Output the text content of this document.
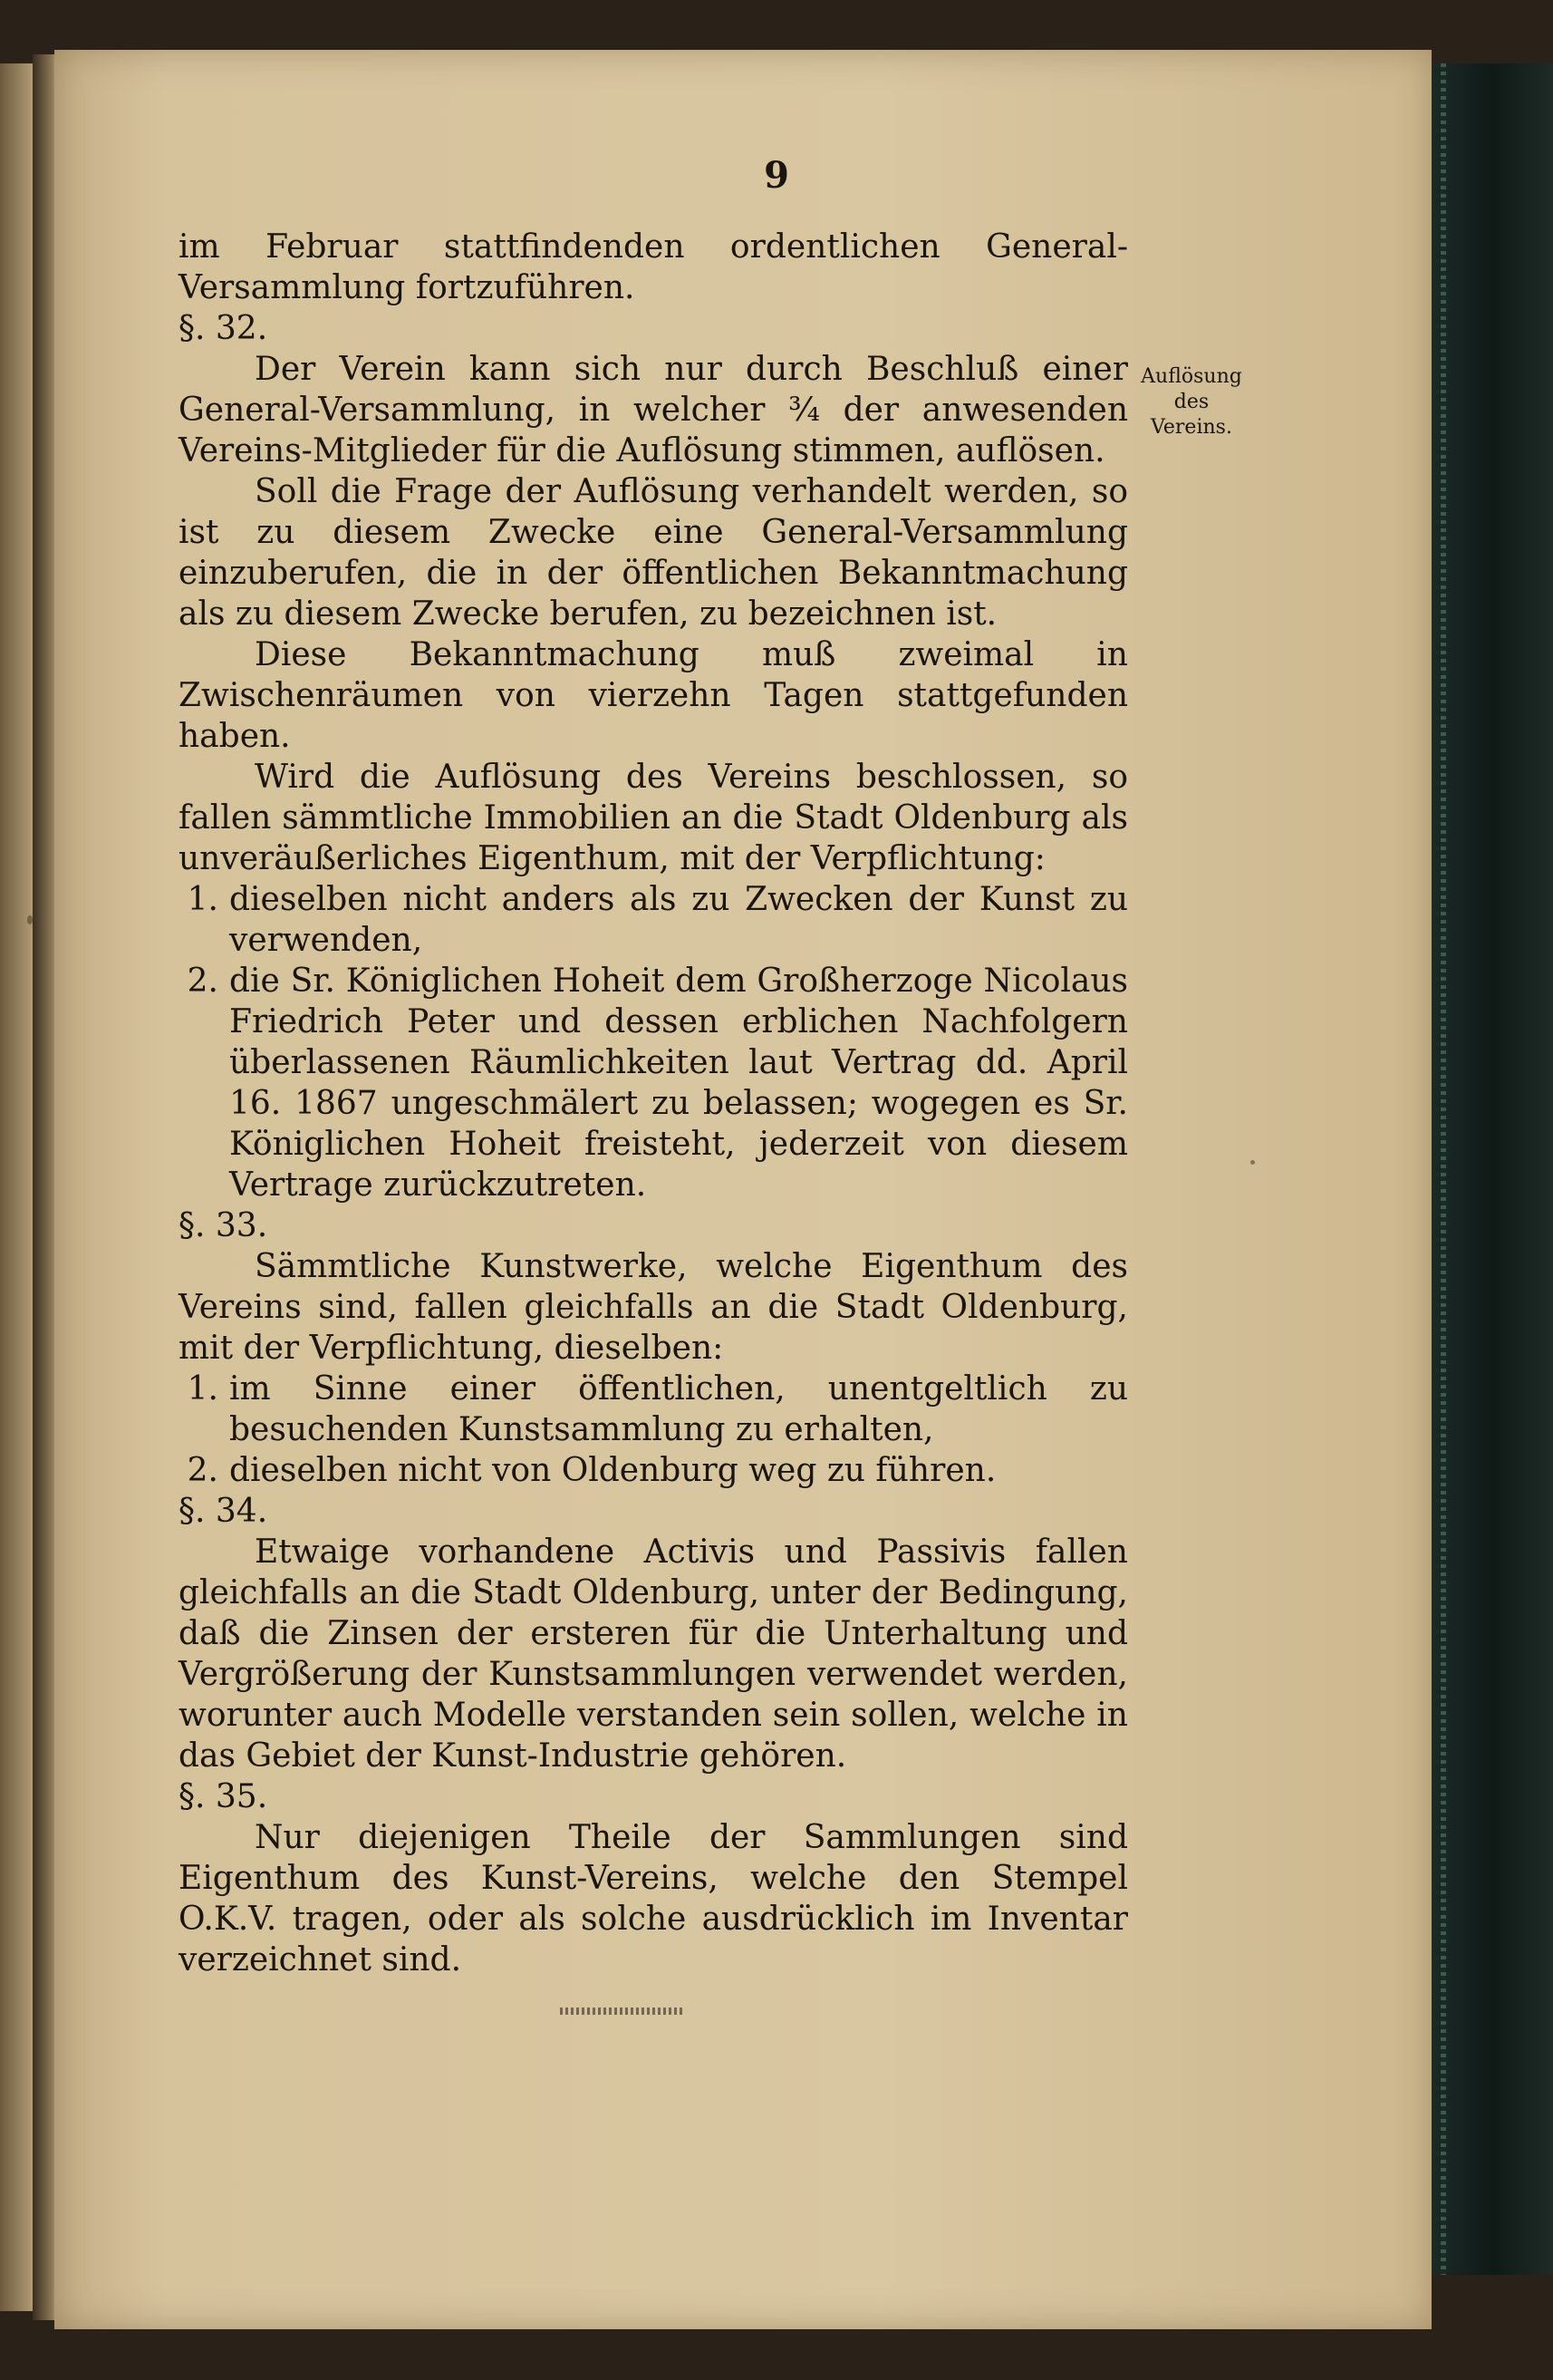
9
Auflösung
des
Vereins.

im Februar stattfindenden ordentlichen General-Versammlung fortzuführen.

§. 32.

Der Verein kann sich nur durch Beschluß einer General-Versammlung, in welcher ¾ der anwesenden Vereins-Mitglieder für die Auflösung stimmen, auflösen.

Soll die Frage der Auflösung verhandelt werden, so ist zu diesem Zwecke eine General-Versammlung einzuberufen, die in der öffentlichen Bekanntmachung als zu diesem Zwecke berufen, zu bezeichnen ist.

Diese Bekanntmachung muß zweimal in Zwischenräumen von vierzehn Tagen stattgefunden haben.

Wird die Auflösung des Vereins beschlossen, so fallen sämmtliche Immobilien an die Stadt Oldenburg als unveräußerliches Eigenthum, mit der Verpflichtung:

1. dieselben nicht anders als zu Zwecken der Kunst zu verwenden,
2. die Sr. Königlichen Hoheit dem Großherzoge Nicolaus Friedrich Peter und dessen erblichen Nachfolgern überlassenen Räumlichkeiten laut Vertrag dd. April 16. 1867 ungeschmälert zu belassen; wogegen es Sr. Königlichen Hoheit freisteht, jederzeit von diesem Vertrage zurückzutreten.

§. 33.

Sämmtliche Kunstwerke, welche Eigenthum des Vereins sind, fallen gleichfalls an die Stadt Oldenburg, mit der Verpflichtung, dieselben:

1. im Sinne einer öffentlichen, unentgeltlich zu besuchenden Kunstsammlung zu erhalten,
2. dieselben nicht von Oldenburg weg zu führen.

§. 34.

Etwaige vorhandene Activis und Passivis fallen gleichfalls an die Stadt Oldenburg, unter der Bedingung, daß die Zinsen der ersteren für die Unterhaltung und Vergrößerung der Kunstsammlungen verwendet werden, worunter auch Modelle verstanden sein sollen, welche in das Gebiet der Kunst-Industrie gehören.

§. 35.

Nur diejenigen Theile der Sammlungen sind Eigenthum des Kunst-Vereins, welche den Stempel O.K.V. tragen, oder als solche ausdrücklich im Inventar verzeichnet sind.
